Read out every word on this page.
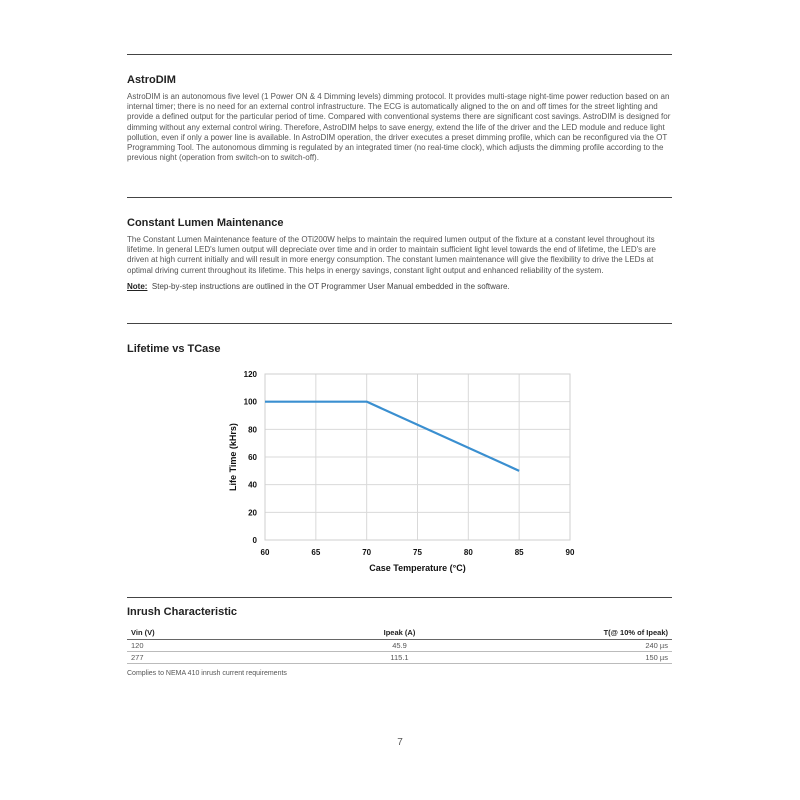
AstroDIM

AstroDIM is an autonomous five level (1 Power ON & 4 Dimming levels) dimming protocol. It provides multi-stage night-time power reduction based on an internal timer; there is no need for an external control infrastructure. The ECG is automatically aligned to the on and off times for the street lighting and provide a defined output for the particular period of time. Compared with conventional systems there are significant cost savings. AstroDIM is designed for dimming without any external control wiring. Therefore, AstroDIM helps to save energy, extend the life of the driver and the LED module and reduce light pollution, even if only a power line is available. In AstroDIM operation, the driver executes a preset dimming profile, which can be reconfigured via the OT Programming Tool. The autonomous dimming is regulated by an integrated timer (no real-time clock), which adjusts the dimming profile according to the previous night (operation from switch-on to switch-off).

Constant Lumen Maintenance

The Constant Lumen Maintenance feature of the OTi200W helps to maintain the required lumen output of the fixture at a constant level throughout its lifetime. In general LED's lumen output will depreciate over time and in order to maintain sufficient light level towards the end of lifetime, the LED's are driven at high current initially and will result in more energy consumption. The constant lumen maintenance will give the flexibility to drive the LEDs at optimal driving current throughout its lifetime. This helps in energy savings, constant light output and enhanced reliability of the system.

Note: Step-by-step instructions are outlined in the OT Programmer User Manual embedded in the software.

Lifetime vs TCase
0
20
40
60
80
100
120
60	65	70	75	80	85	90
Case Temperature (°C)
Life Time (kHrs)
Inrush Characteristic
Vin (V)	Ipeak (A)	T(@ 10% of Ipeak)
120	45.9	240 µs
277	115.1	150 µs
Complies to NEMA 410 inrush current requirements
7
